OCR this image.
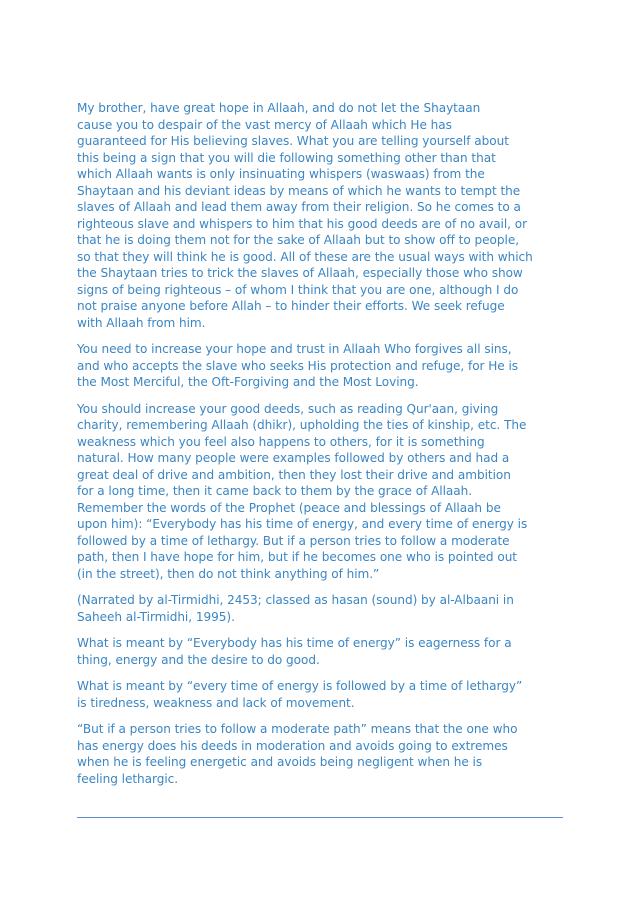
My brother, have great hope in Allaah, and do not let the Shaytaan
cause you to despair of the vast mercy of Allaah which He has
guaranteed for His believing slaves. What you are telling yourself about
this being a sign that you will die following something other than that
which Allaah wants is only insinuating whispers (waswaas) from the
Shaytaan and his deviant ideas by means of which he wants to tempt the
slaves of Allaah and lead them away from their religion. So he comes to a
righteous slave and whispers to him that his good deeds are of no avail, or
that he is doing them not for the sake of Allaah but to show off to people,
so that they will think he is good. All of these are the usual ways with which
the Shaytaan tries to trick the slaves of Allaah, especially those who show
signs of being righteous – of whom I think that you are one, although I do
not praise anyone before Allah – to hinder their efforts. We seek refuge
with Allaah from him.

You need to increase your hope and trust in Allaah Who forgives all sins,
and who accepts the slave who seeks His protection and refuge, for He is
the Most Merciful, the Oft-Forgiving and the Most Loving.

You should increase your good deeds, such as reading Qur'aan, giving
charity, remembering Allaah (dhikr), upholding the ties of kinship, etc. The
weakness which you feel also happens to others, for it is something
natural. How many people were examples followed by others and had a
great deal of drive and ambition, then they lost their drive and ambition
for a long time, then it came back to them by the grace of Allaah.
Remember the words of the Prophet (peace and blessings of Allaah be
upon him): “Everybody has his time of energy, and every time of energy is
followed by a time of lethargy. But if a person tries to follow a moderate
path, then I have hope for him, but if he becomes one who is pointed out
(in the street), then do not think anything of him.”

(Narrated by al-Tirmidhi, 2453; classed as hasan (sound) by al-Albaani in
Saheeh al-Tirmidhi, 1995).

What is meant by “Everybody has his time of energy” is eagerness for a
thing, energy and the desire to do good.

What is meant by “every time of energy is followed by a time of lethargy”
is tiredness, weakness and lack of movement.

“But if a person tries to follow a moderate path” means that the one who
has energy does his deeds in moderation and avoids going to extremes
when he is feeling energetic and avoids being negligent when he is
feeling lethargic.
